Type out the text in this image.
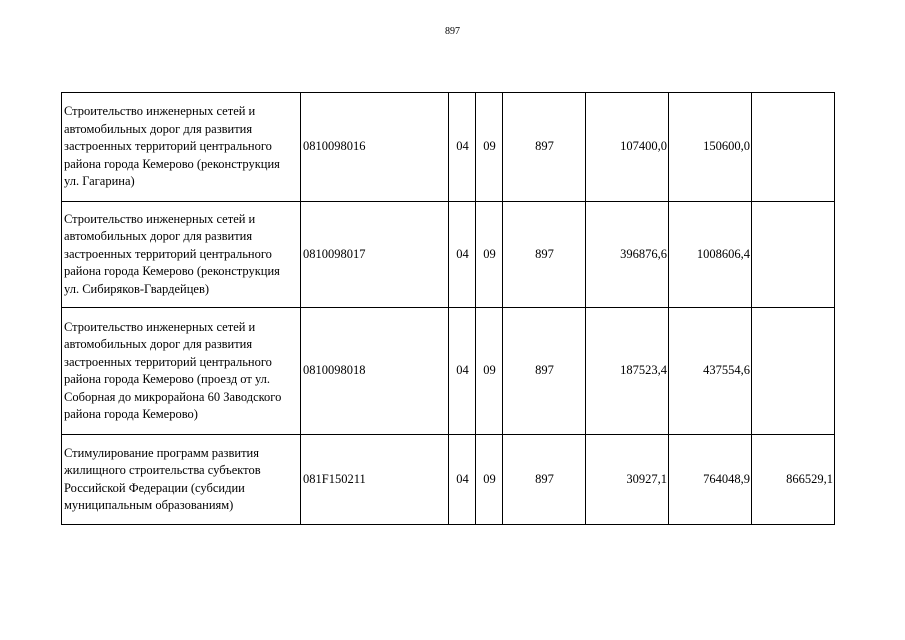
897
Строительство инженерных сетей и автомобильных дорог для развития застроенных территорий центрального района города Кемерово (реконструкция ул. Гагарина)	0810098016	04	09	897	107400,0	150600,0	
Строительство инженерных сетей и автомобильных дорог для развития застроенных территорий центрального района города Кемерово (реконструкция ул. Сибиряков-Гвардейцев)	0810098017	04	09	897	396876,6	1008606,4	
Строительство инженерных сетей и автомобильных дорог для развития застроенных территорий центрального района города Кемерово (проезд от ул. Соборная до микрорайона 60 Заводского района города Кемерово)	0810098018	04	09	897	187523,4	437554,6	
Стимулирование программ развития жилищного строительства субъектов Российской Федерации (субсидии муниципальным образованиям)	081F150211	04	09	897	30927,1	764048,9	866529,1
